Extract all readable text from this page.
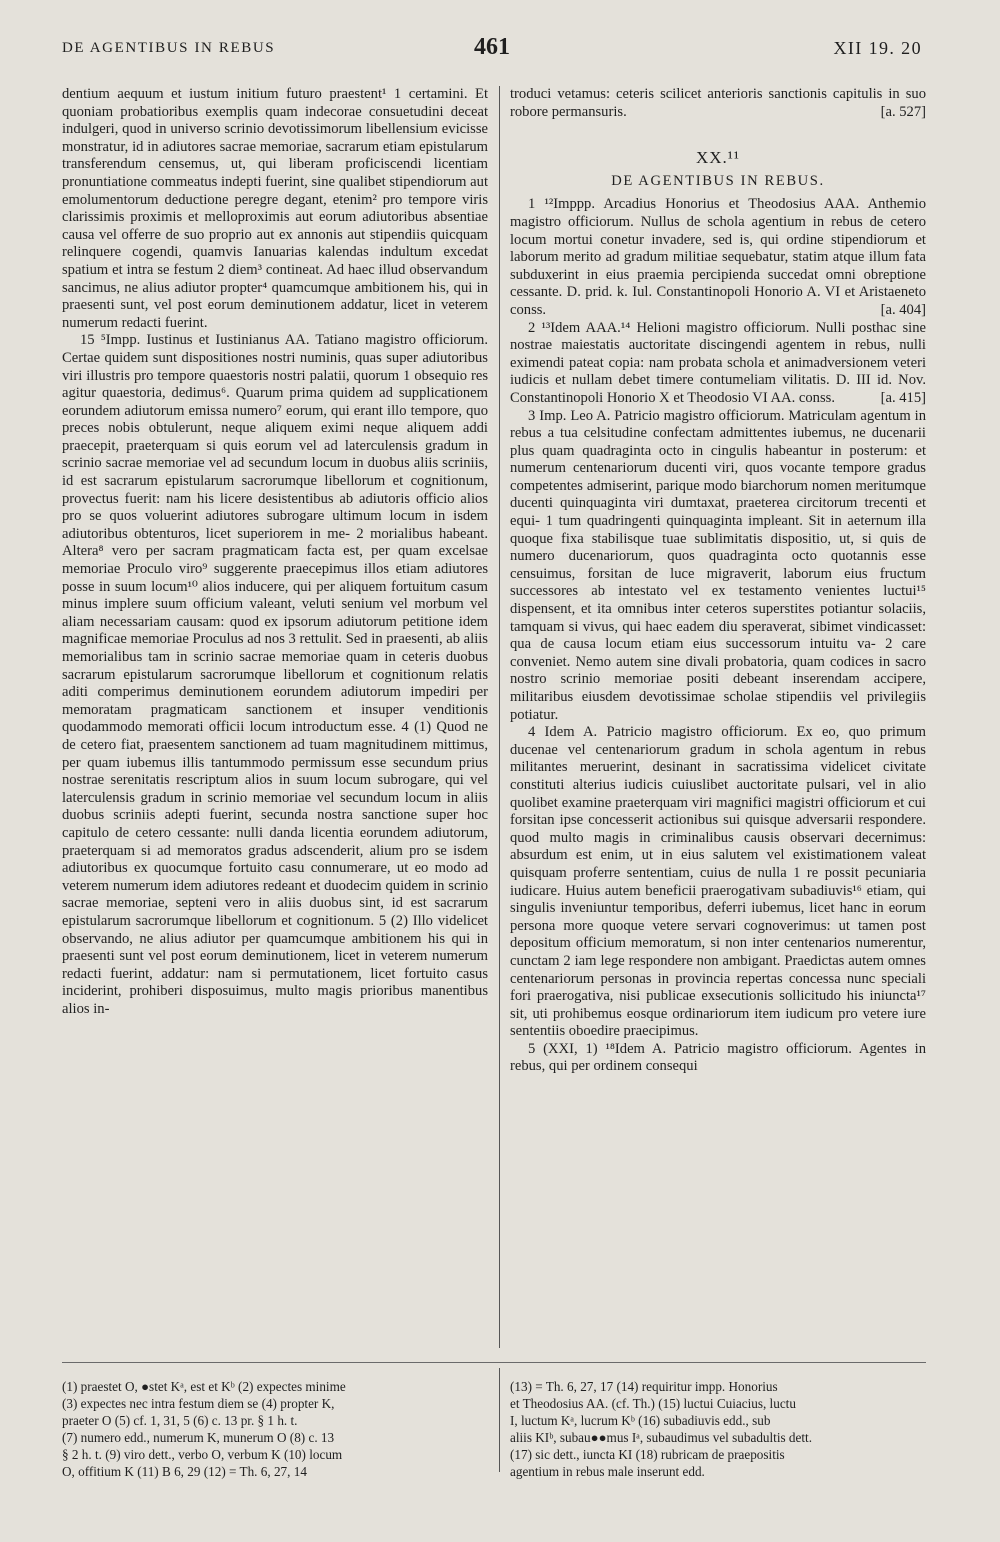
DE AGENTIBUS IN REBUS	461	XII 19. 20

dentium aequum et iustum initium futuro praestent¹ 1 certamini. Et quoniam probatioribus exemplis quam indecorae consuetudini deceat indulgeri, quod in universo scrinio devotissimorum libellensium evicisse monstratur, id in adiutores sacrae memoriae, sacrarum etiam epistularum transferendum censemus, ut, qui liberam proficiscendi licentiam pronuntiatione commeatus indepti fuerint, sine qualibet stipendiorum aut emolumentorum deductione peregre degant, etenim² pro tempore viris clarissimis proximis et melloproximis aut eorum adiutoribus absentiae causa vel offerre de suo proprio aut ex annonis aut stipendiis quicquam relinquere cogendi, quamvis Ianuarias kalendas indultum excedat spatium et intra se festum 2 diem³ contineat. Ad haec illud observandum sancimus, ne alius adiutor propter⁴ quamcumque ambitionem his, qui in praesenti sunt, vel post eorum deminutionem addatur, licet in veterem numerum redacti fuerint.

15 ⁵Impp. Iustinus et Iustinianus AA. Tatiano magistro officiorum. Certae quidem sunt dispositiones nostri numinis, quas super adiutoribus viri illustris pro tempore quaestoris nostri palatii, quorum 1 obsequio res agitur quaestoria, dedimus⁶. Quarum prima quidem ad supplicationem eorundem adiutorum emissa numero⁷ eorum, qui erant illo tempore, quo preces nobis obtulerunt, neque aliquem eximi neque aliquem addi praecepit, praeterquam si quis eorum vel ad laterculensis gradum in scrinio sacrae memoriae vel ad secundum locum in duobus aliis scriniis, id est sacrarum epistularum sacrorumque libellorum et cognitionum, provectus fuerit: nam his licere desistentibus ab adiutoris officio alios pro se quos voluerint adiutores subrogare ultimum locum in isdem adiutoribus obtenturos, licet superiorem in me- 2 morialibus habeant. Altera⁸ vero per sacram pragmaticam facta est, per quam excelsae memoriae Proculo viro⁹ suggerente praecepimus illos etiam adiutores posse in suum locum¹⁰ alios inducere, qui per aliquem fortuitum casum minus implere suum officium valeant, veluti senium vel morbum vel aliam necessariam causam: quod ex ipsorum adiutorum petitione idem magnificae memoriae Proculus ad nos 3 rettulit. Sed in praesenti, ab aliis memorialibus tam in scrinio sacrae memoriae quam in ceteris duobus sacrarum epistularum sacrorumque libellorum et cognitionum relatis aditi comperimus deminutionem eorundem adiutorum impediri per memoratam pragmaticam sanctionem et insuper venditionis quodammodo memorati officii locum introductum esse. 4 (1) Quod ne de cetero fiat, praesentem sanctionem ad tuam magnitudinem mittimus, per quam iubemus illis tantummodo permissum esse secundum prius nostrae serenitatis rescriptum alios in suum locum subrogare, qui vel laterculensis gradum in scrinio memoriae vel secundum locum in aliis duobus scriniis adepti fuerint, secunda nostra sanctione super hoc capitulo de cetero cessante: nulli danda licentia eorundem adiutorum, praeterquam si ad memoratos gradus adscenderit, alium pro se isdem adiutoribus ex quocumque fortuito casu connumerare, ut eo modo ad veterem numerum idem adiutores redeant et duodecim quidem in scrinio sacrae memoriae, septeni vero in aliis duobus sint, id est sacrarum epistularum sacrorumque libellorum et cognitionum. 5 (2) Illo videlicet observando, ne alius adiutor per quamcumque ambitionem his qui in praesenti sunt vel post eorum deminutionem, licet in veterem numerum redacti fuerint, addatur: nam si permutationem, licet fortuito casus inciderint, prohiberi disposuimus, multo magis prioribus manentibus alios in-

troduci vetamus: ceteris scilicet anterioris sanctionis capitulis in suo robore permansuris.	[a. 527]

XX.¹¹
DE AGENTIBUS IN REBUS.

1 ¹²Imppp. Arcadius Honorius et Theodosius AAA. Anthemio magistro officiorum. Nullus de schola agentium in rebus de cetero locum mortui conetur invadere, sed is, qui ordine stipendiorum et laborum merito ad gradum militiae sequebatur, statim atque illum fata subduxerint in eius praemia percipienda succedat omni obreptione cessante. D. prid. k. Iul. Constantinopoli Honorio A. VI et Aristaeneto conss.	[a. 404]

2 ¹³Idem AAA.¹⁴ Helioni magistro officiorum. Nulli posthac sine nostrae maiestatis auctoritate discingendi agentem in rebus, nulli eximendi pateat copia: nam probata schola et animadversionem veteri iudicis et nullam debet timere contumeliam vilitatis. D. III id. Nov. Constantinopoli Honorio X et Theodosio VI AA. conss.	[a. 415]

3 Imp. Leo A. Patricio magistro officiorum. Matriculam agentum in rebus a tua celsitudine confectam admittentes iubemus, ne ducenarii plus quam quadraginta octo in cingulis habeantur in posterum: et numerum centenariorum ducenti viri, quos vocante tempore gradus competentes admiserint, parique modo biarchorum nomen meritumque ducenti quinquaginta viri dumtaxat, praeterea circitorum trecenti et equi- 1 tum quadringenti quinquaginta impleant. Sit in aeternum illa quoque fixa stabilisque tuae sublimitatis dispositio, ut, si quis de numero ducenariorum, quos quadraginta octo quotannis esse censuimus, forsitan de luce migraverit, laborum eius fructum successores ab intestato vel ex testamento venientes luctui¹⁵ dispensent, et ita omnibus inter ceteros superstites potiantur solaciis, tamquam si vivus, qui haec eadem diu speraverat, sibimet vindicasset: qua de causa locum etiam eius successorum intuitu va- 2 care conveniet. Nemo autem sine divali probatoria, quam codices in sacro nostro scrinio memoriae positi debeant inserendam accipere, militaribus eiusdem devotissimae scholae stipendiis vel privilegiis potiatur.

4 Idem A. Patricio magistro officiorum. Ex eo, quo primum ducenae vel centenariorum gradum in schola agentum in rebus militantes meruerint, desinant in sacratissima videlicet civitate constituti alterius iudicis cuiuslibet auctoritate pulsari, vel in alio quolibet examine praeterquam viri magnifici magistri officiorum et cui forsitan ipse concesserit actionibus sui quisque adversarii respondere. quod multo magis in criminalibus causis observari decernimus: absurdum est enim, ut in eius salutem vel existimationem valeat quisquam proferre sententiam, cuius de nulla 1 re possit pecuniaria iudicare. Huius autem beneficii praerogativam subadiuvis¹⁶ etiam, qui singulis inveniuntur temporibus, deferri iubemus, licet hanc in eorum persona more quoque vetere servari cognoverimus: ut tamen post depositum officium memoratum, si non inter centenarios numerentur, cunctam 2 iam lege respondere non ambigant. Praedictas autem omnes centenariorum personas in provincia repertas concessa nunc speciali fori praerogativa, nisi publicae exsecutionis sollicitudo his iniuncta¹⁷ sit, uti prohibemus eosque ordinariorum item iudicum pro vetere iure sententiis oboedire praecipimus.

5 (XXI, 1) ¹⁸Idem A. Patricio magistro officiorum. Agentes in rebus, qui per ordinem consequi

(1) praestet O, ●stet Kᵃ, est et Kᵇ (2) expectes minime

(3) expectes nec intra festum diem se (4) propter K,

praeter O (5) cf. 1, 31, 5 (6) c. 13 pr. § 1 h. t.

(7) numero edd., numerum K, munerum O (8) c. 13

§ 2 h. t. (9) viro dett., verbo O, verbum K (10) locum

O, offitium K (11) B 6, 29 (12) = Th. 6, 27, 14

(13) = Th. 6, 27, 17 (14) requiritur impp. Honorius

et Theodosius AA. (cf. Th.) (15) luctui Cuiacius, luctu

I, luctum Kᵃ, lucrum Kᵇ (16) subadiuvis edd., sub

aliis KIᵇ, subau●●mus Iᵃ, subaudimus vel subadultis dett.

(17) sic dett., iuncta KI (18) rubricam de praepositis

agentium in rebus male inserunt edd.
